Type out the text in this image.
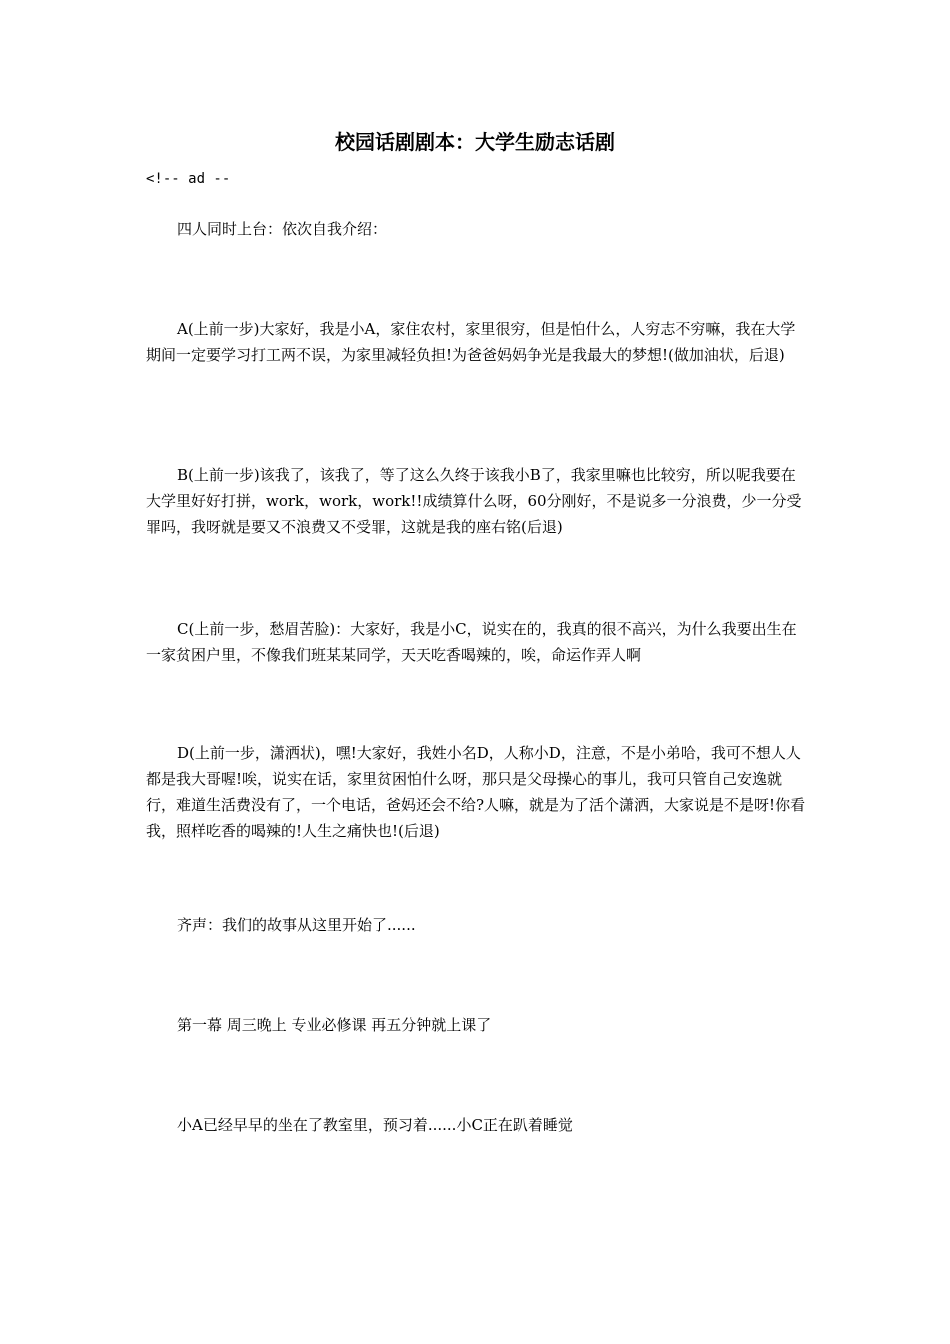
校园话剧剧本：大学生励志话剧
<!-- ad --

四人同时上台：依次自我介绍：

A(上前一步)大家好，我是小A，家住农村，家里很穷，但是怕什么，人穷志不穷嘛，我在大学期间一定要学习打工两不误，为家里减轻负担!为爸爸妈妈争光是我最大的梦想!(做加油状，后退)

B(上前一步)该我了，该我了，等了这么久终于该我小B了，我家里嘛也比较穷，所以呢我要在大学里好好打拼，work，work，work!!成绩算什么呀，60分刚好，不是说多一分浪费，少一分受罪吗，我呀就是要又不浪费又不受罪，这就是我的座右铭(后退)

C(上前一步，愁眉苦脸)：大家好，我是小C，说实在的，我真的很不高兴，为什么我要出生在一家贫困户里，不像我们班某某同学，天天吃香喝辣的，唉，命运作弄人啊

D(上前一步，潇洒状)，嘿!大家好，我姓小名D，人称小D，注意，不是小弟哈，我可不想人人都是我大哥喔!唉，说实在话，家里贫困怕什么呀，那只是父母操心的事儿，我可只管自己安逸就行，难道生活费没有了，一个电话，爸妈还会不给?人嘛，就是为了活个潇洒，大家说是不是呀!你看我，照样吃香的喝辣的!人生之痛快也!(后退)

齐声：我们的故事从这里开始了......

第一幕 周三晚上 专业必修课 再五分钟就上课了

小A已经早早的坐在了教室里，预习着......小C正在趴着睡觉
